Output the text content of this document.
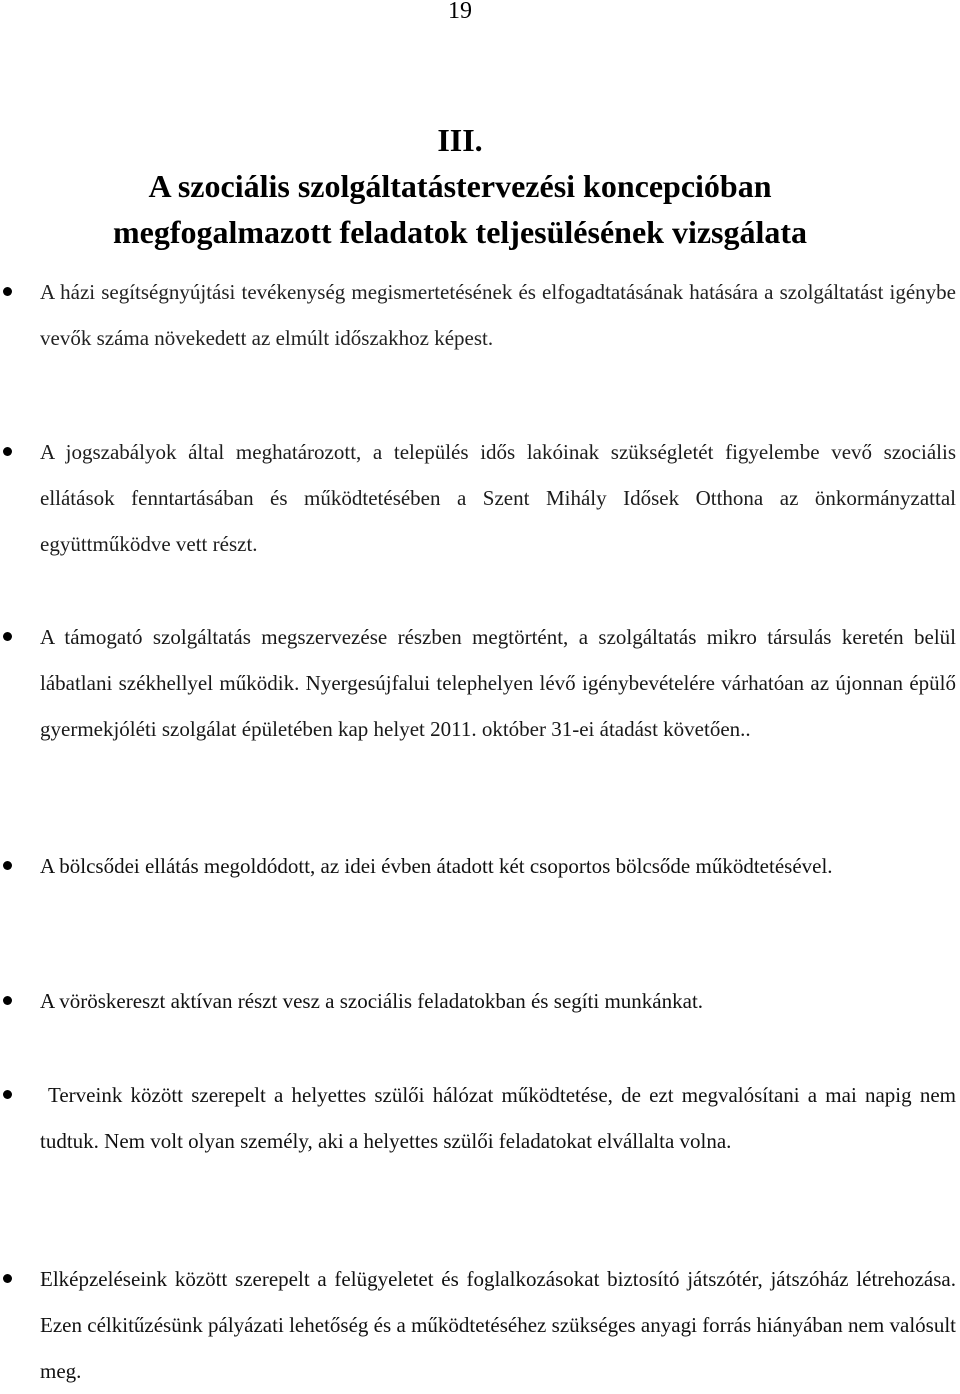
19
III.
A szociális szolgáltatástervezési koncepcióban
megfogalmazott feladatok teljesülésének vizsgálata
A házi segítségnyújtási tevékenység megismertetésének és elfogadtatásának hatására a szolgáltatást igénybe vevők száma növekedett az elmúlt időszakhoz képest.
A jogszabályok által meghatározott, a település idős lakóinak szükségletét figyelembe vevő szociális ellátások fenntartásában és működtetésében a Szent Mihály Idősek Otthona az önkormányzattal együttműködve vett részt.
A támogató szolgáltatás megszervezése részben megtörtént, a szolgáltatás mikro társulás keretén belül lábatlani székhellyel működik. Nyergesújfalui telephelyen lévő igénybevételére várhatóan az újonnan épülő gyermekjóléti szolgálat épületében kap helyet 2011. október 31-ei átadást követően..
A bölcsődei ellátás megoldódott, az idei évben átadott két csoportos bölcsőde működtetésével.
A vöröskereszt aktívan részt vesz a szociális feladatokban és segíti munkánkat.
Terveink között szerepelt a helyettes szülői hálózat működtetése, de ezt megvalósítani a mai napig nem tudtuk. Nem volt olyan személy, aki a helyettes szülői feladatokat elvállalta volna.
Elképzeléseink között szerepelt a felügyeletet és foglalkozásokat biztosító játszótér, játszóház létrehozása. Ezen célkitűzésünk pályázati lehetőség és a működtetéséhez szükséges anyagi forrás hiányában nem valósult meg.
